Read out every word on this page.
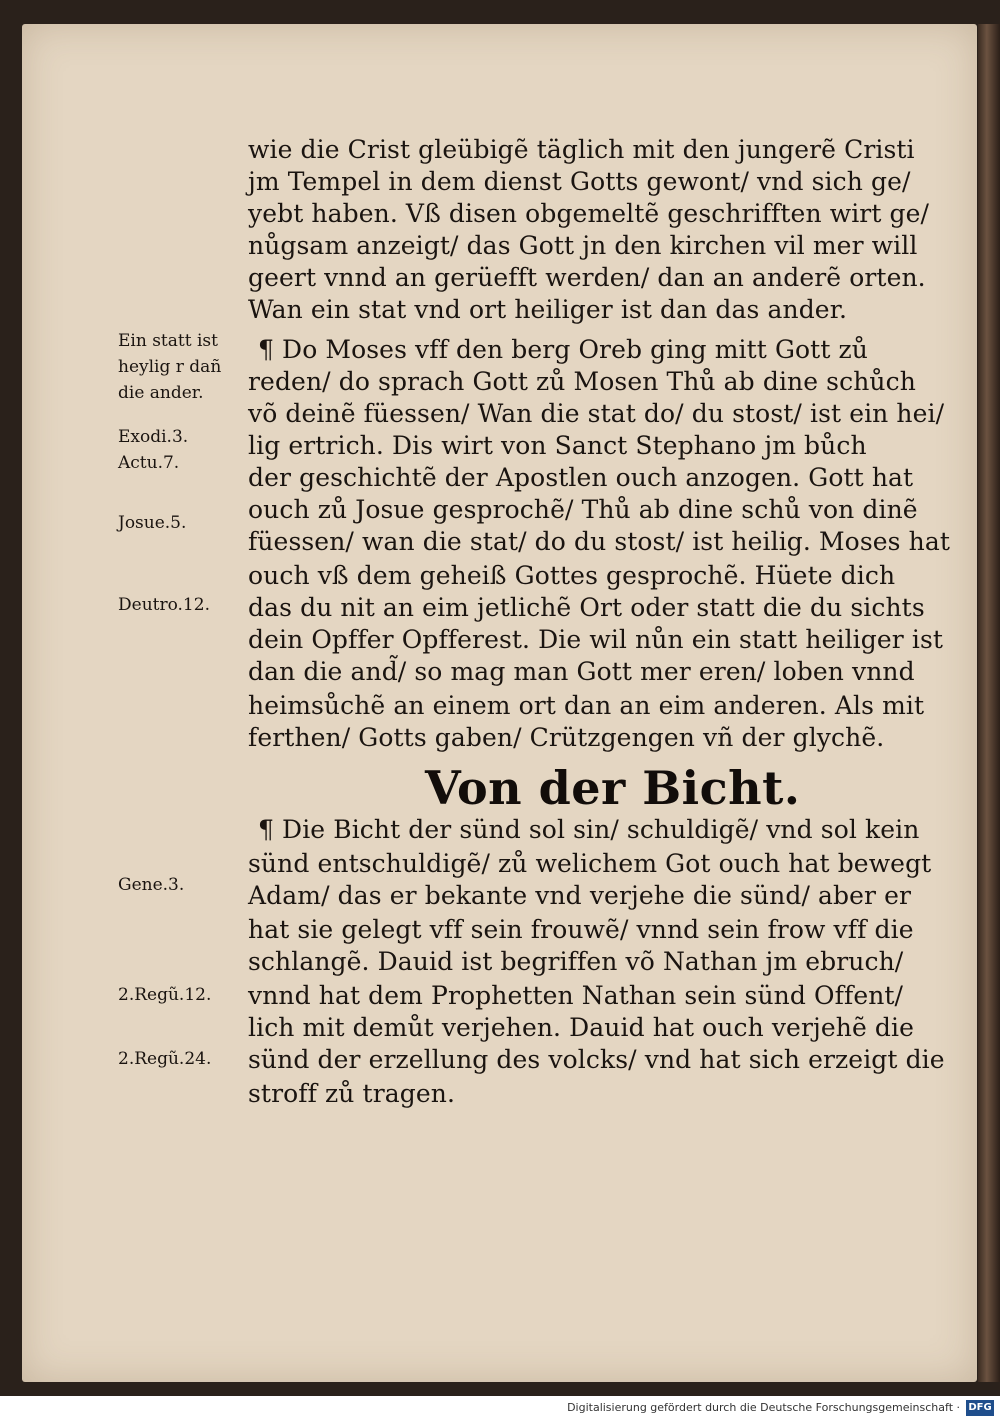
wie die Crist gleübigẽ täglich mit den jungerẽ Cristi
jm Tempel in dem dienst Gotts gewont/ vnd sich ge/
yebt haben. Vß disen obgemeltẽ geschrifften wirt ge/
nůgsam anzeigt/ das Gott jn den kirchen vil mer will
geert vnnd an gerüefft werden/ dan an anderẽ orten.
Wan ein stat vnd ort heiliger ist dan das ander.
¶ Do Moses vff den berg Oreb ging mitt Gott zů
reden/ do sprach Gott zů Mosen Thů ab dine schůch
võ deinẽ füessen/ Wan die stat do/ du stost/ ist ein hei/
lig ertrich. Dis wirt von Sanct Stephano jm bůch
der geschichtẽ der Apostlen ouch anzogen. Gott hat
ouch zů Josue gesprochẽ/ Thů ab dine schů von dinẽ
füessen/ wan die stat/ do du stost/ ist heilig. Moses hat
ouch vß dem geheiß Gottes gesprochẽ. Hüete dich
das du nit an eim jetlichẽ Ort oder statt die du sichts
dein Opffer Opfferest. Die wil nůn ein statt heiliger ist
dan die and̃/ so mag man Gott mer eren/ loben vnnd
heimsůchẽ an einem ort dan an eim anderen. Als mit
ferthen/ Gotts gaben/ Crützgengen vñ der glychẽ.
Von der Bicht.
¶ Die Bicht der sünd sol sin/ schuldigẽ/ vnd sol kein
sünd entschuldigẽ/ zů welichem Got ouch hat bewegt
Adam/ das er bekante vnd verjehe die sünd/ aber er
hat sie gelegt vff sein frouwẽ/ vnnd sein frow vff die
schlangẽ. Dauid ist begriffen võ Nathan jm ebruch/
vnnd hat dem Prophetten Nathan sein sünd Offent/
lich mit demůt verjehen. Dauid hat ouch verjehẽ die
sünd der erzellung des volcks/ vnd hat sich erzeigt die
stroff zů tragen.
Ein statt ist
heylig r dañ
die ander.
Exodi.3.
Actu.7.
Josue.5.
Deutro.12.
Gene.3.
2.Regũ.12.
2.Regũ.24.
Digitalisierung gefördert durch die Deutsche Forschungsgemeinschaft · DFG
